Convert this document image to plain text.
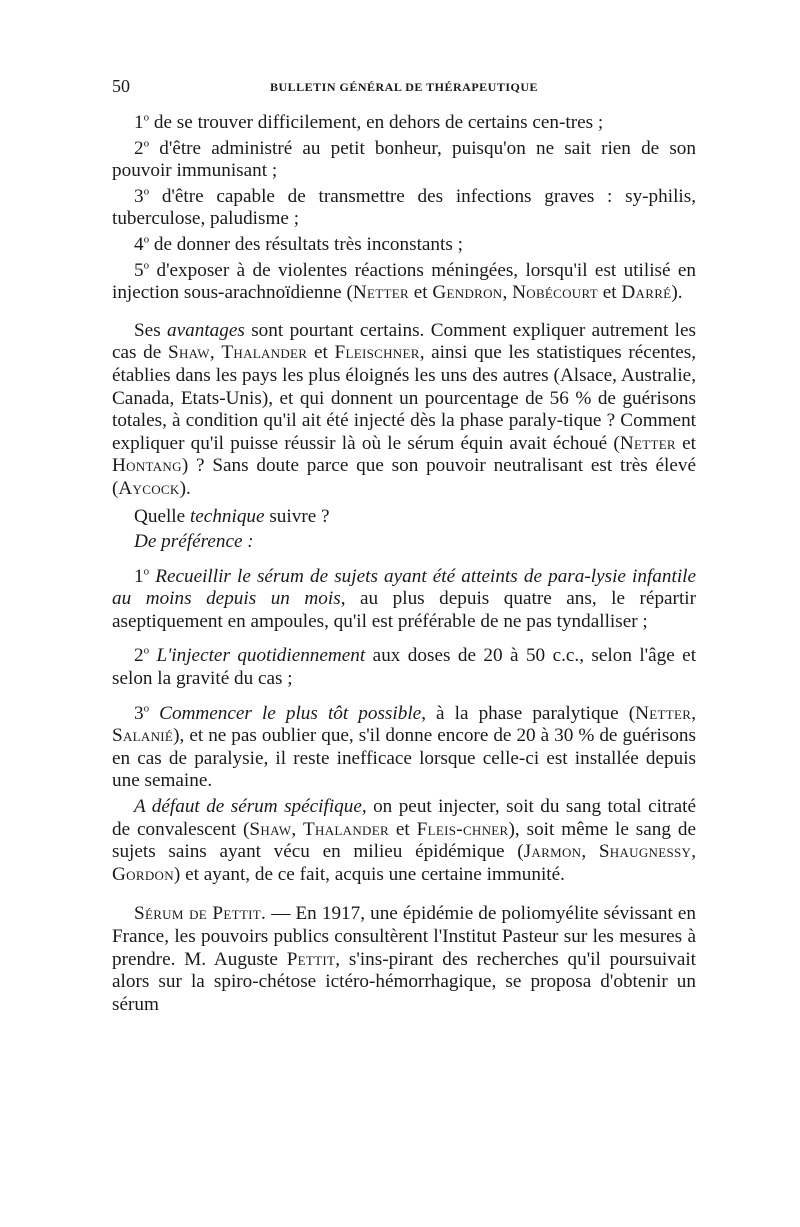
50	BULLETIN GÉNÉRAL DE THÉRAPEUTIQUE

1$^o$ de se trouver difficilement, en dehors de certains cen-tres ;

2$^o$ d'être administré au petit bonheur, puisqu'on ne sait rien de son pouvoir immunisant ;

3$^o$ d'être capable de transmettre des infections graves : sy-philis, tuberculose, paludisme ;

4$^o$ de donner des résultats très inconstants ;

5$^o$ d'exposer à de violentes réactions méningées, lorsqu'il est utilisé en injection sous-arachnoïdienne (Netter et Gendron, Nobécourt et Darré).

Ses avantages sont pourtant certains. Comment expliquer autrement les cas de Shaw, Thalander et Fleischner, ainsi que les statistiques récentes, établies dans les pays les plus éloignés les uns des autres (Alsace, Australie, Canada, Etats-Unis), et qui donnent un pourcentage de 56 % de guérisons totales, à condition qu'il ait été injecté dès la phase paraly-tique ? Comment expliquer qu'il puisse réussir là où le sérum équin avait échoué (Netter et Hontang) ? Sans doute parce que son pouvoir neutralisant est très élevé (Aycock).

Quelle technique suivre ?

De préférence :

1$^o$ Recueillir le sérum de sujets ayant été atteints de para-lysie infantile au moins depuis un mois, au plus depuis quatre ans, le répartir aseptiquement en ampoules, qu'il est préférable de ne pas tyndalliser ;

2$^o$ L'injecter quotidiennement aux doses de 20 à 50 c.c., selon l'âge et selon la gravité du cas ;

3$^o$ Commencer le plus tôt possible, à la phase paralytique (Netter, Salanié), et ne pas oublier que, s'il donne encore de 20 à 30 % de guérisons en cas de paralysie, il reste inefficace lorsque celle-ci est installée depuis une semaine.

A défaut de sérum spécifique, on peut injecter, soit du sang total citraté de convalescent (Shaw, Thalander et Fleis-chner), soit même le sang de sujets sains ayant vécu en milieu épidémique (Jarmon, Shaugnessy, Gordon) et ayant, de ce fait, acquis une certaine immunité.

Sérum de Pettit. — En 1917, une épidémie de poliomyélite sévissant en France, les pouvoirs publics consultèrent l'Institut Pasteur sur les mesures à prendre. M. Auguste Pettit, s'ins-pirant des recherches qu'il poursuivait alors sur la spiro-chétose ictéro-hémorrhagique, se proposa d'obtenir un sérum
